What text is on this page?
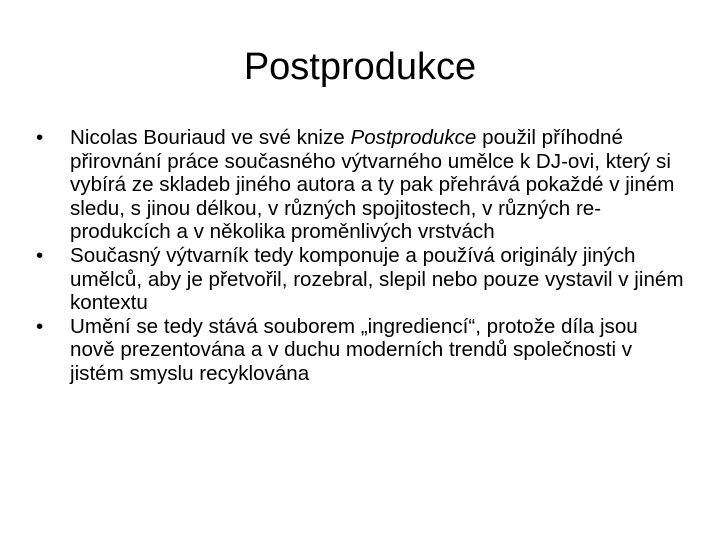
Postprodukce
•	Nicolas Bouriaud ve své knize Postprodukce použil příhodné přirovnání práce současného výtvarného umělce k DJ-ovi, který si vybírá ze skladeb jiného autora a ty pak přehrává pokaždé v jiném sledu, s jinou délkou, v různých spojitostech, v různých re-produkcích a v několika proměnlivých vrstvách
•	Současný výtvarník tedy komponuje a používá originály jiných umělců, aby je přetvořil, rozebral, slepil nebo pouze vystavil v jiném kontextu
•	Umění se tedy stává souborem „ingrediencí“, protože díla jsou nově prezentována a v duchu moderních trendů společnosti v jistém smyslu recyklována
